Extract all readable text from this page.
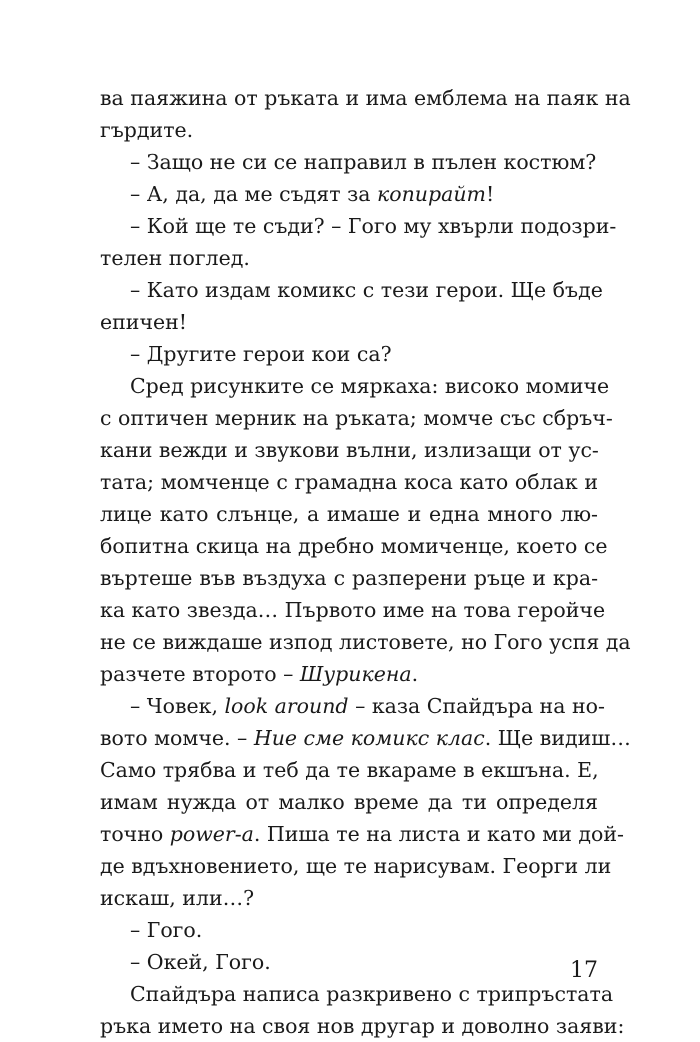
ва паяжина от ръката и има емблема на паяк на
гърдите.
– Защо не си се направил в пълен костюм?
– А, да, да ме съдят за копирайт!
– Кой ще те съди? – Гого му хвърли подозри-
телен поглед.
– Като издам комикс с тези герои. Ще бъде
епичен!
– Другите герои кои са?
Сред рисунките се мяркаха: високо момиче
с оптичен мерник на ръката; момче със сбръч-
кани вежди и звукови вълни, излизащи от ус-
тата; момченце с грамадна коса като облак и
лице като слънце, а имаше и една много лю-
бопитна скица на дребно момиченце, което се
въртеше във въздуха с разперени ръце и кра-
ка като звезда… Първото име на това геройче
не се виждаше изпод листовете, но Гого успя да
разчете второто – Шурикена.
– Човек, look around – каза Спайдъра на но-
вото момче. – Ние сме комикс клас. Ще видиш…
Само трябва и теб да те вкараме в екшъна. Е,
имам нужда от малко време да ти определя
точно power-a. Пиша те на листа и като ми дой-
де вдъхновението, ще те нарисувам. Георги ли
искаш, или…?
– Гого.
– Окей, Гого.
Спайдъра написа разкривено с трипръстата
ръка името на своя нов другар и доволно заяви:
17
